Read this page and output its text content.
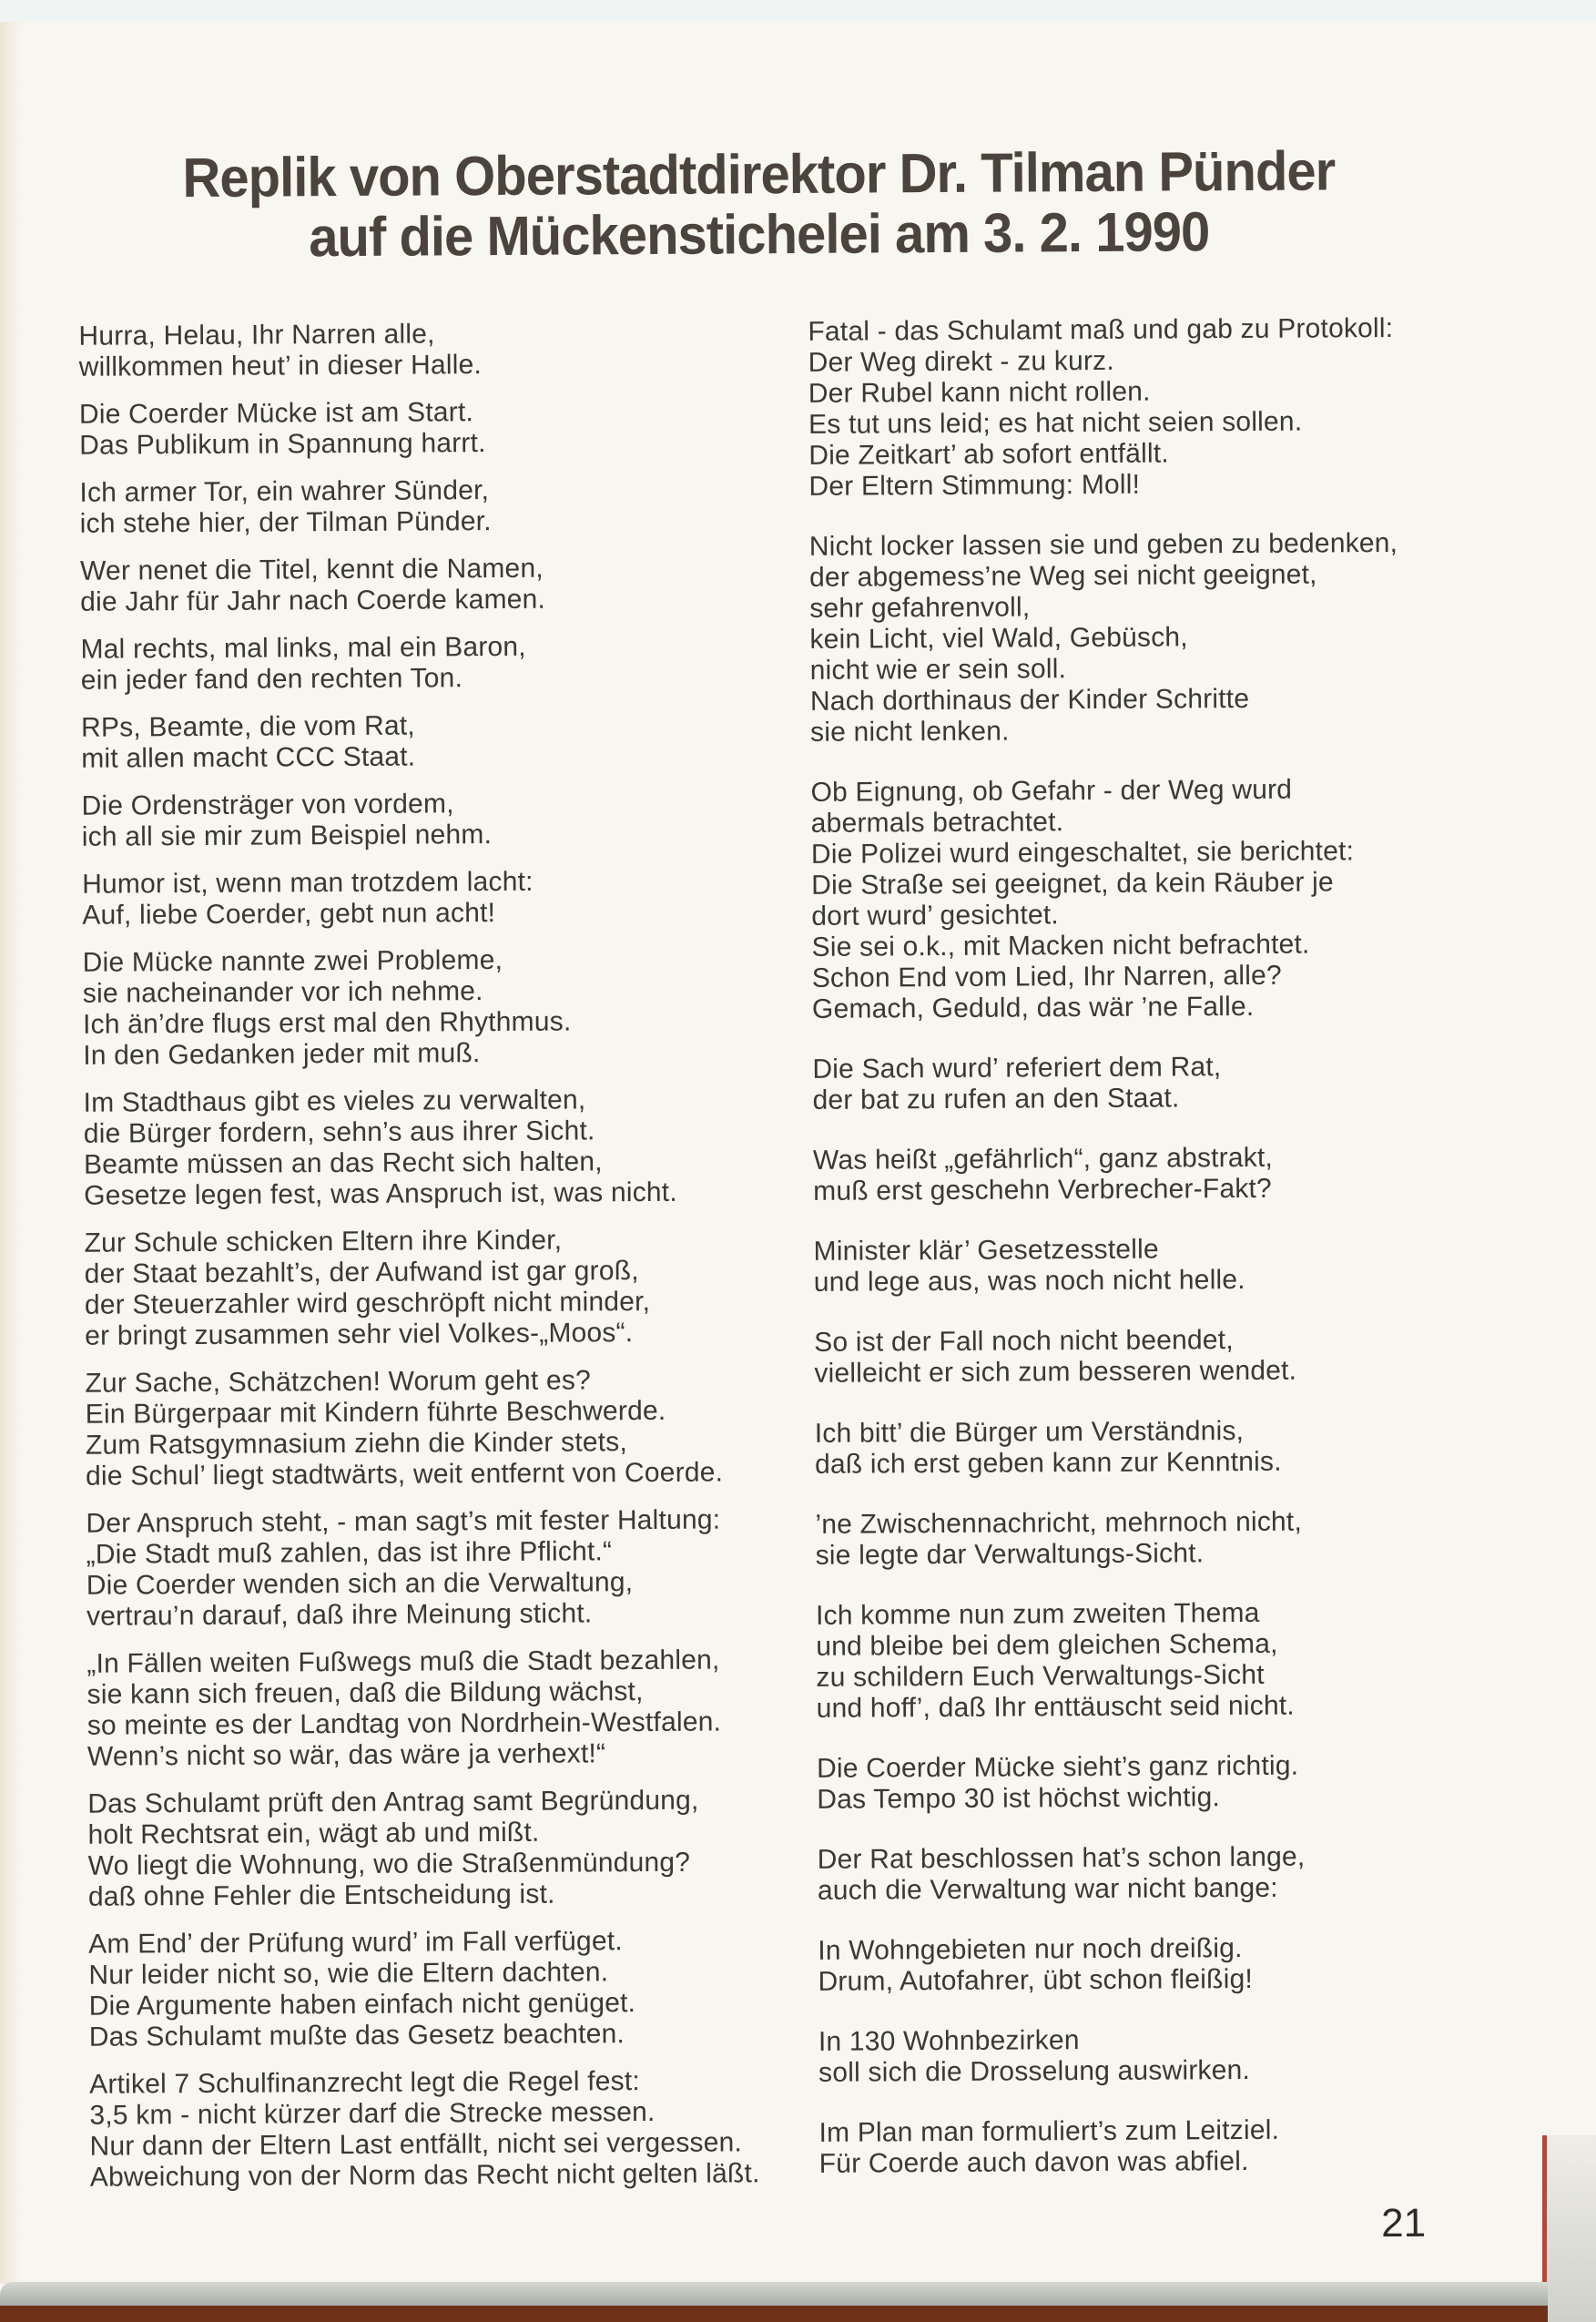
Replik von Oberstadtdirektor Dr. Tilman Pünder
auf die Mückenstichelei am 3. 2. 1990
Hurra, Helau, Ihr Narren alle,
willkommen heut’ in dieser Halle.
Die Coerder Mücke ist am Start.
Das Publikum in Spannung harrt.
Ich armer Tor, ein wahrer Sünder,
ich stehe hier, der Tilman Pünder.
Wer nenet die Titel, kennt die Namen,
die Jahr für Jahr nach Coerde kamen.
Mal rechts, mal links, mal ein Baron,
ein jeder fand den rechten Ton.
RPs, Beamte, die vom Rat,
mit allen macht CCC Staat.
Die Ordensträger von vordem,
ich all sie mir zum Beispiel nehm.
Humor ist, wenn man trotzdem lacht:
Auf, liebe Coerder, gebt nun acht!
Die Mücke nannte zwei Probleme,
sie nacheinander vor ich nehme.
Ich än’dre flugs erst mal den Rhythmus.
In den Gedanken jeder mit muß.
Im Stadthaus gibt es vieles zu verwalten,
die Bürger fordern, sehn’s aus ihrer Sicht.
Beamte müssen an das Recht sich halten,
Gesetze legen fest, was Anspruch ist, was nicht.
Zur Schule schicken Eltern ihre Kinder,
der Staat bezahlt’s, der Aufwand ist gar groß,
der Steuerzahler wird geschröpft nicht minder,
er bringt zusammen sehr viel Volkes-„Moos“.
Zur Sache, Schätzchen! Worum geht es?
Ein Bürgerpaar mit Kindern führte Beschwerde.
Zum Ratsgymnasium ziehn die Kinder stets,
die Schul’ liegt stadtwärts, weit entfernt von Coerde.
Der Anspruch steht, - man sagt’s mit fester Haltung:
„Die Stadt muß zahlen, das ist ihre Pflicht.“
Die Coerder wenden sich an die Verwaltung,
vertrau’n darauf, daß ihre Meinung sticht.
„In Fällen weiten Fußwegs muß die Stadt bezahlen,
sie kann sich freuen, daß die Bildung wächst,
so meinte es der Landtag von Nordrhein-Westfalen.
Wenn’s nicht so wär, das wäre ja verhext!“
Das Schulamt prüft den Antrag samt Begründung,
holt Rechtsrat ein, wägt ab und mißt.
Wo liegt die Wohnung, wo die Straßenmündung?
daß ohne Fehler die Entscheidung ist.
Am End’ der Prüfung wurd’ im Fall verfüget.
Nur leider nicht so, wie die Eltern dachten.
Die Argumente haben einfach nicht genüget.
Das Schulamt mußte das Gesetz beachten.
Artikel 7 Schulfinanzrecht legt die Regel fest:
3,5 km - nicht kürzer darf die Strecke messen.
Nur dann der Eltern Last entfällt, nicht sei vergessen.
Abweichung von der Norm das Recht nicht gelten läßt.
Fatal - das Schulamt maß und gab zu Protokoll:
Der Weg direkt - zu kurz.
Der Rubel kann nicht rollen.
Es tut uns leid; es hat nicht seien sollen.
Die Zeitkart’ ab sofort entfällt.
Der Eltern Stimmung: Moll!
Nicht locker lassen sie und geben zu bedenken,
der abgemess’ne Weg sei nicht geeignet,
sehr gefahrenvoll,
kein Licht, viel Wald, Gebüsch,
nicht wie er sein soll.
Nach dorthinaus der Kinder Schritte
sie nicht lenken.
Ob Eignung, ob Gefahr - der Weg wurd
abermals betrachtet.
Die Polizei wurd eingeschaltet, sie berichtet:
Die Straße sei geeignet, da kein Räuber je
dort wurd’ gesichtet.
Sie sei o.k., mit Macken nicht befrachtet.
Schon End vom Lied, Ihr Narren, alle?
Gemach, Geduld, das wär ’ne Falle.
Die Sach wurd’ referiert dem Rat,
der bat zu rufen an den Staat.
Was heißt „gefährlich“, ganz abstrakt,
muß erst geschehn Verbrecher-Fakt?
Minister klär’ Gesetzesstelle
und lege aus, was noch nicht helle.
So ist der Fall noch nicht beendet,
vielleicht er sich zum besseren wendet.
Ich bitt’ die Bürger um Verständnis,
daß ich erst geben kann zur Kenntnis.
’ne Zwischennachricht, mehrnoch nicht,
sie legte dar Verwaltungs-Sicht.
Ich komme nun zum zweiten Thema
und bleibe bei dem gleichen Schema,
zu schildern Euch Verwaltungs-Sicht
und hoff’, daß Ihr enttäuscht seid nicht.
Die Coerder Mücke sieht’s ganz richtig.
Das Tempo 30 ist höchst wichtig.
Der Rat beschlossen hat’s schon lange,
auch die Verwaltung war nicht bange:
In Wohngebieten nur noch dreißig.
Drum, Autofahrer, übt schon fleißig!
In 130 Wohnbezirken
soll sich die Drosselung auswirken.
Im Plan man formuliert’s zum Leitziel.
Für Coerde auch davon was abfiel.
21
